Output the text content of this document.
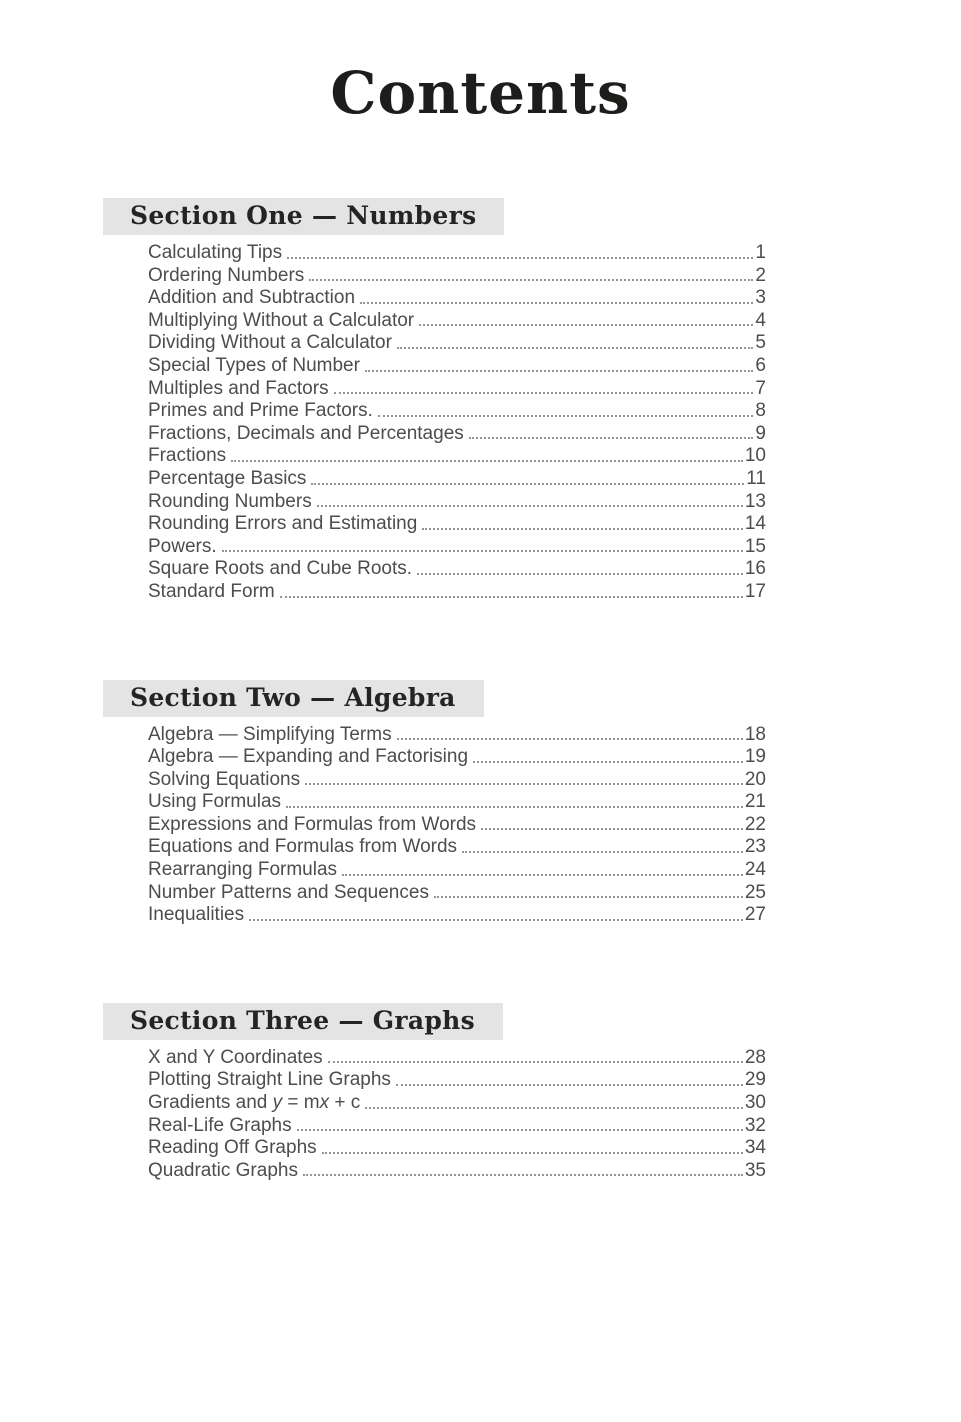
Contents
Section One — Numbers
Calculating Tips	1
Ordering Numbers	2
Addition and Subtraction	3
Multiplying Without a Calculator	4
Dividing Without a Calculator	5
Special Types of Number	6
Multiples and Factors	7
Primes and Prime Factors.	8
Fractions, Decimals and Percentages	9
Fractions	10
Percentage Basics	11
Rounding Numbers	13
Rounding Errors and Estimating	14
Powers.	15
Square Roots and Cube Roots.	16
Standard Form	17
Section Two — Algebra
Algebra — Simplifying Terms	18
Algebra — Expanding and Factorising	19
Solving Equations	20
Using Formulas	21
Expressions and Formulas from Words	22
Equations and Formulas from Words	23
Rearranging Formulas	24
Number Patterns and Sequences	25
Inequalities	27
Section Three — Graphs
X and Y Coordinates	28
Plotting Straight Line Graphs	29
Gradients and y = mx + c	30
Real-Life Graphs	32
Reading Off Graphs	34
Quadratic Graphs	35
